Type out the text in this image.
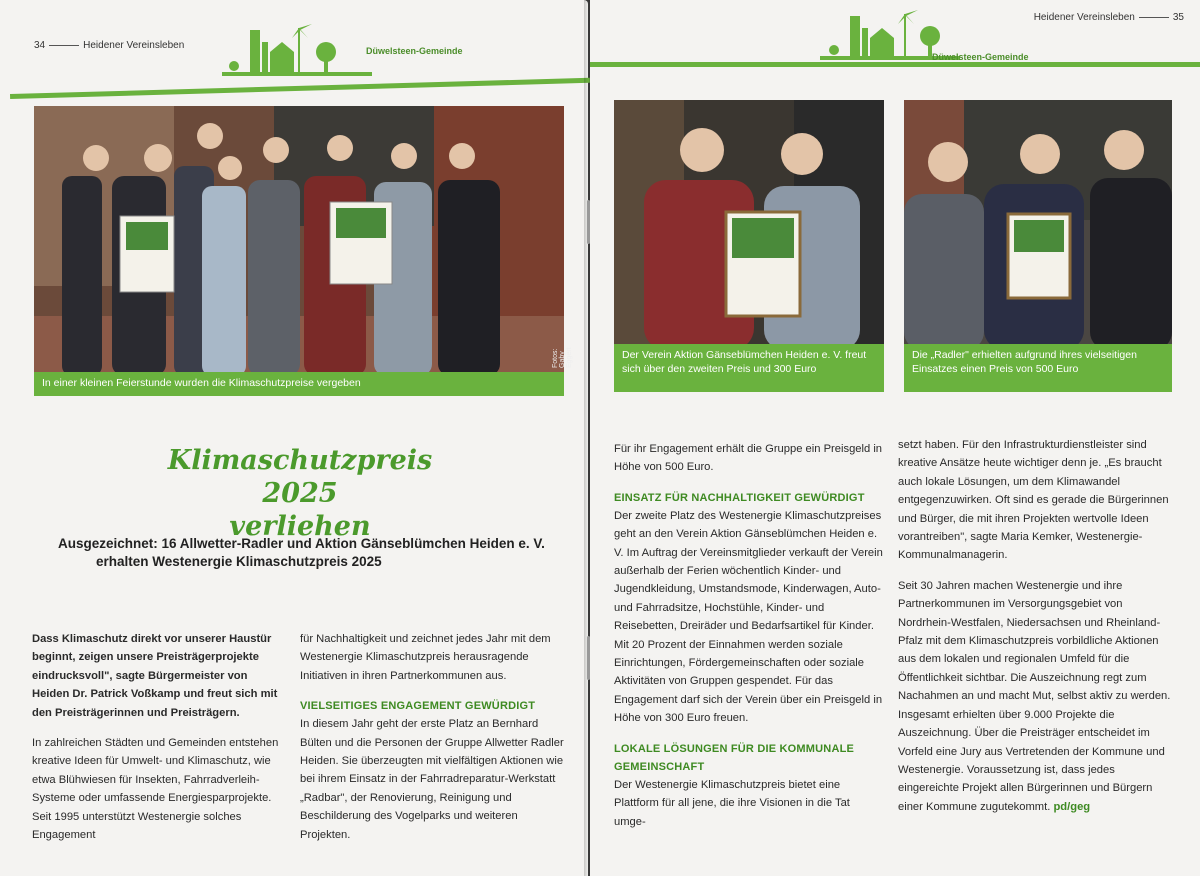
34	Heidener Vereinsleben	Düwelsteen-Gemeinde
Fotos: Gaby Eggert
In einer kleinen Feierstunde wurden die Klimaschutzpreise vergeben
Klimaschutzpreis 2025
verliehen
Ausgezeichnet: 16 Allwetter-Radler und Aktion Gänseblümchen Heiden e. V.
erhalten Westenergie Klimaschutzpreis 2025

Dass Klimaschutz direkt vor unserer Haustür beginnt, zeigen unsere Preisträgerprojekte eindrucksvoll", sagte Bürgermeister von Heiden Dr. Patrick Voßkamp und freut sich mit den Preisträgerinnen und Preisträgern.

In zahlreichen Städten und Gemeinden entstehen kreative Ideen für Umwelt- und Klimaschutz, wie etwa Blühwiesen für Insekten, Fahrradverleih-Systeme oder umfassende Energiesparprojekte. Seit 1995 unterstützt Westenergie solches Engagement

für Nachhaltigkeit und zeichnet jedes Jahr mit dem Westenergie Klimaschutzpreis herausragende Initiativen in ihren Partnerkommunen aus.

VIELSEITIGES ENGAGEMENT GEWÜRDIGT

In diesem Jahr geht der erste Platz an Bernhard Bülten und die Personen der Gruppe Allwetter Radler Heiden. Sie überzeugten mit vielfältigen Aktionen wie bei ihrem Einsatz in der Fahrradreparatur-Werkstatt „Radbar", der Renovierung, Reinigung und Beschilderung des Vogelparks und weiteren Projekten.

Heidener Vereinsleben	35
Düwelsteen-Gemeinde
Der Verein Aktion Gänseblümchen Heiden e. V. freut sich über den zweiten Preis und 300 Euro
Die „Radler" erhielten aufgrund ihres vielseitigen Einsatzes einen Preis von 500 Euro

Für ihr Engagement erhält die Gruppe ein Preisgeld in Höhe von 500 Euro.

EINSATZ FÜR NACHHALTIGKEIT GEWÜRDIGT

Der zweite Platz des Westenergie Klimaschutzpreises geht an den Verein Aktion Gänseblümchen Heiden e. V. Im Auftrag der Vereinsmitglieder verkauft der Verein außerhalb der Ferien wöchentlich Kinder- und Jugendkleidung, Umstandsmode, Kinderwagen, Auto- und Fahrradsitze, Hochstühle, Kinder- und Reisebetten, Dreiräder und Bedarfsartikel für Kinder. Mit 20 Prozent der Einnahmen werden soziale Einrichtungen, Fördergemeinschaften oder soziale Aktivitäten von Gruppen gespendet. Für das Engagement darf sich der Verein über ein Preisgeld in Höhe von 300 Euro freuen.

LOKALE LÖSUNGEN FÜR DIE KOMMUNALE GEMEINSCHAFT

Der Westenergie Klimaschutzpreis bietet eine Plattform für all jene, die ihre Visionen in die Tat umge-

setzt haben. Für den Infrastrukturdienstleister sind kreative Ansätze heute wichtiger denn je. „Es braucht auch lokale Lösungen, um dem Klimawandel entgegenzuwirken. Oft sind es gerade die Bürgerinnen und Bürger, die mit ihren Projekten wertvolle Ideen vorantreiben", sagte Maria Kemker, Westenergie-Kommunalmanagerin.

Seit 30 Jahren machen Westenergie und ihre Partnerkommunen im Versorgungsgebiet von Nordrhein-Westfalen, Niedersachsen und Rheinland-Pfalz mit dem Klimaschutzpreis vorbildliche Aktionen aus dem lokalen und regionalen Umfeld für die Öffentlichkeit sichtbar. Die Auszeichnung regt zum Nachahmen an und macht Mut, selbst aktiv zu werden. Insgesamt erhielten über 9.000 Projekte die Auszeichnung. Über die Preisträger entscheidet im Vorfeld eine Jury aus Vertretenden der Kommune und Westenergie. Voraussetzung ist, dass jedes eingereichte Projekt allen Bürgerinnen und Bürgern einer Kommune zugutekommt. pd/geg
